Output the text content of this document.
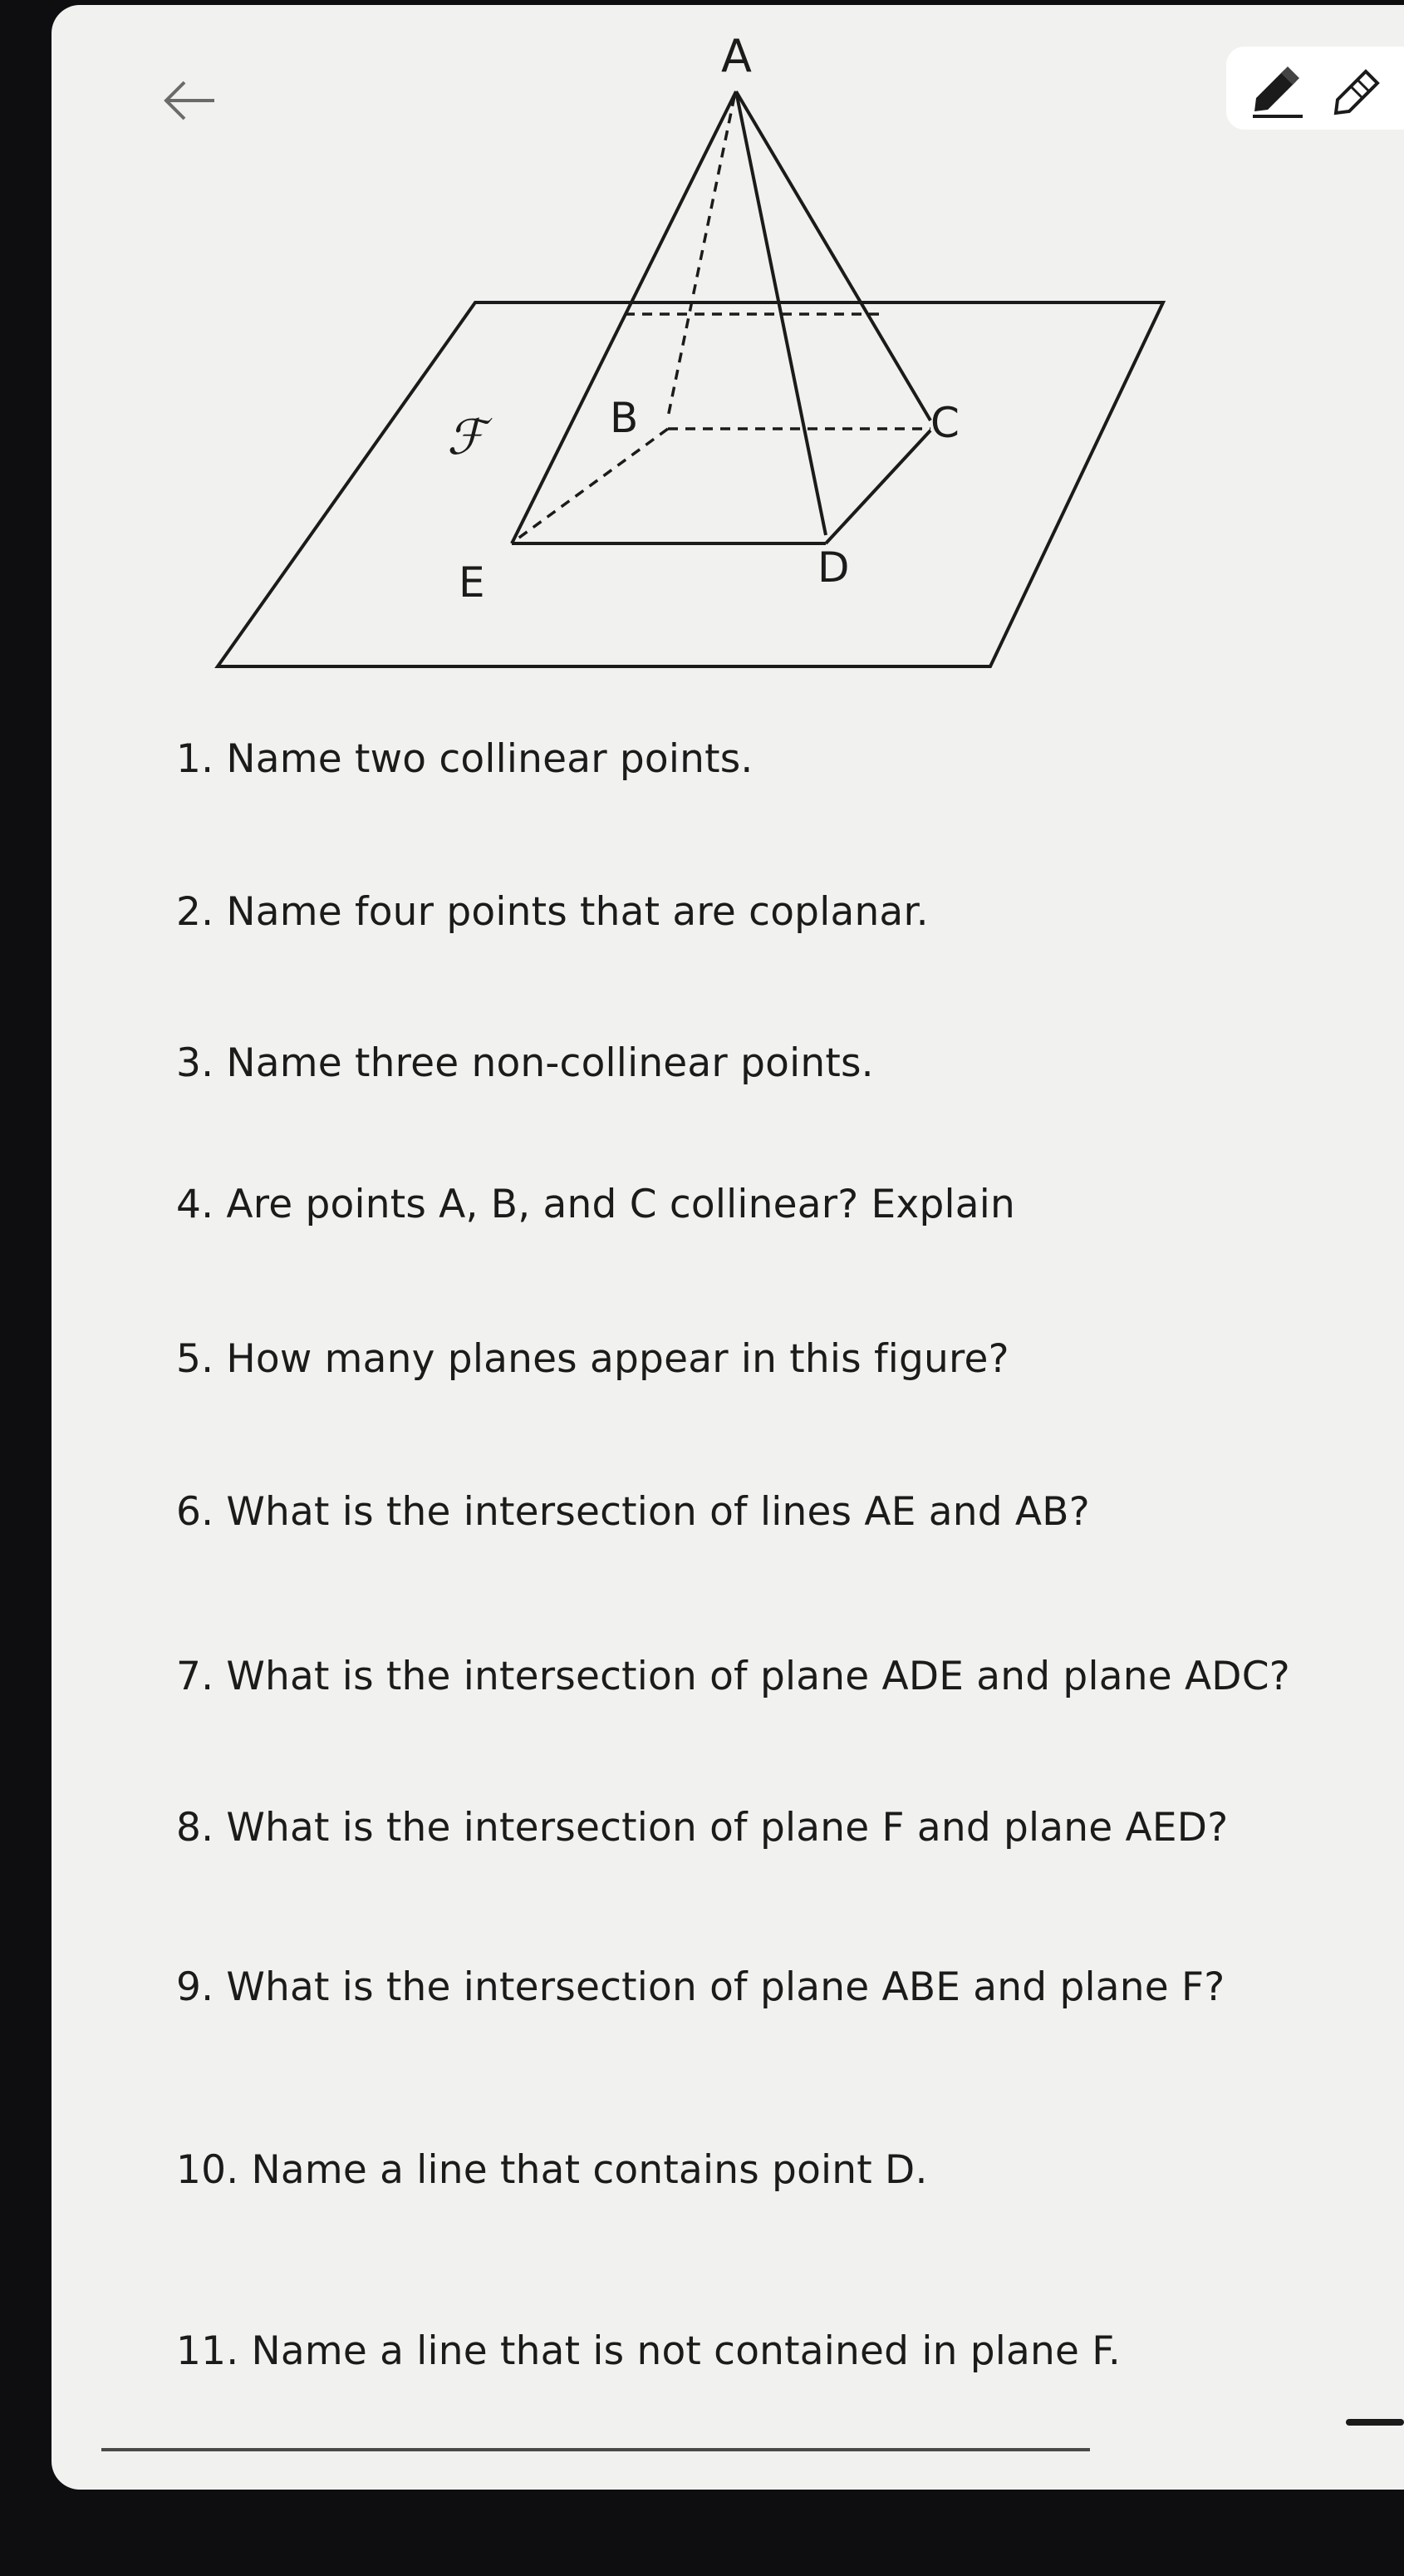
A
B	C
D
E
ℱ
1. Name two collinear points.
2. Name four points that are coplanar.
3. Name three non-collinear points.
4. Are points A, B, and C collinear? Explain
5. How many planes appear in this figure?
6. What is the intersection of lines AE and AB?
7. What is the intersection of plane ADE and plane ADC?
8. What is the intersection of plane F and plane AED?
9. What is the intersection of plane ABE and plane F?
10. Name a line that contains point D.
11. Name a line that is not contained in plane F.
